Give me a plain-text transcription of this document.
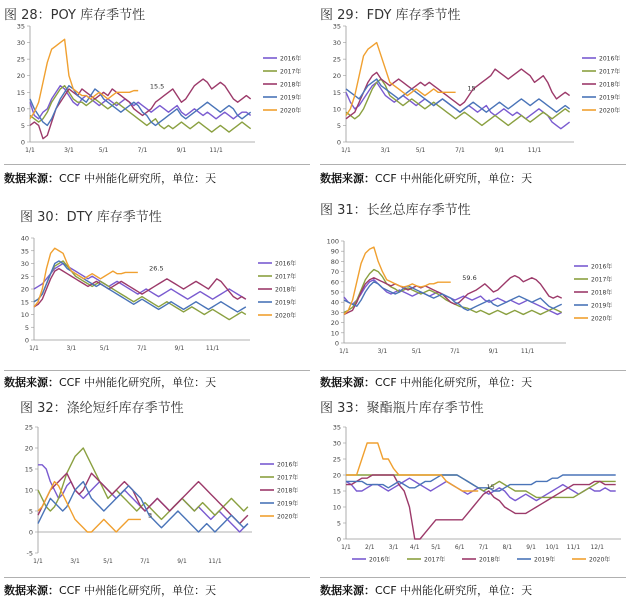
图 28：POY 库存季节性
0
5
10
15
20
25
30
35
1/1	3/1	5/1	7/1	9/1	11/1
15.5
2016年
2017年
2018年
2019年
2020年
数据来源：CCF 中州能化研究所，单位：天
图 29：FDY 库存季节性
0
5
10
15
20
25
30
35
1/1	3/1	5/1	7/1	9/1	11/1
15
2016年
2017年
2018年
2019年
2020年
数据来源：CCF 中州能化研究所，单位：天
图 30：DTY 库存季节性
0
5
10
15
20
25
30
35
40
1/1	3/1	5/1	7/1	9/1	11/1
26.5
2016年
2017年
2018年
2019年
2020年
数据来源：CCF 中州能化研究所，单位：天
图 31：长丝总库存季节性
0
10
20
30
40
50
60
70
80
90
100
1/1	3/1	5/1	7/1	9/1	11/1
59.6
2016年
2017年
2018年
2019年
2020年
数据来源：CCF 中州能化研究所，单位：天
图 32：涤纶短纤库存季节性
-5
0
5
10
15
20
25
1/1	3/1	5/1	7/1	9/1	11/1
3
2016年
2017年
2018年
2019年
2020年
数据来源：CCF 中州能化研究所，单位：天
图 33：聚酯瓶片库存季节性
0
5
10
15
20
25
30
35
1/1 2/1 3/1 4/1 5/1 6/1 7/1 8/1 9/1 10/1 11/1 12/1
15
2016年	2017年	2018年	2019年	2020年
数据来源：CCF 中州能化研究所，单位：天
